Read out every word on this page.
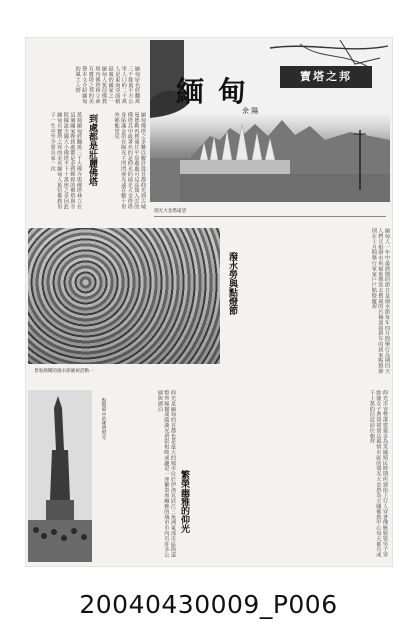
緬甸原名經翻萬三千餘萬平方公里人口約二千萬人是東南亞面積最廣的國家之一緬甸人篤信佛教境內佛塔林立素有寶塔之邦的美譽本文介紹緬甸的風土人情
到處都是壯麗佛塔
萬週緬甸經翻萬三千大佛寺與佛塔林立在這個國家裡到處都是金碧輝煌的佛塔與寺院據說全國大小佛塔不下十萬座之多因此緬甸有寶塔之邦的美名緬甸人篤信佛教男子一生中至少要出家一次	緬甸佛塔之多難以數計從首都仰光到古城曼德勒再到蒲甘平原處處可見高聳入雲的佛塔其中最著名的是仰光的瑞光大金塔塔身貼滿金箔在陽光下閃閃發光遠在數十里外都能望見
寶塔之邦
緬甸
余 陽
瑞光大金塔遠望
景象熱鬧的潑水節慶祝活動一
潑水勞與點燈節	緬甸人一年中最熱鬧的節日是潑水節每年四月間舉行為期四天人們互相潑水祝福象徵洗去舊歲的污穢迎接新年的到來點燈節則在十月間舉行家家戶戶點燈慶祝
點燈節中的佛塔燈光
繁榮幽雅的仰光
仰光是緬甸的首都也是最大的城市位於伊洛瓦底江三角洲東部市區街道整齊綠樹成蔭湖光塔影相映成趣是一座繁榮而幽雅的城市市內有許多公園與湖泊	仰光市容整潔建築多為英國殖民時期所建街上行人穿著傳統服裝男子穿紗籠女子著筒裙別具風情市區的瑞光大金塔為全國佛教中心每天都有成千上萬的信徒前往朝拜
20040430009_P006
